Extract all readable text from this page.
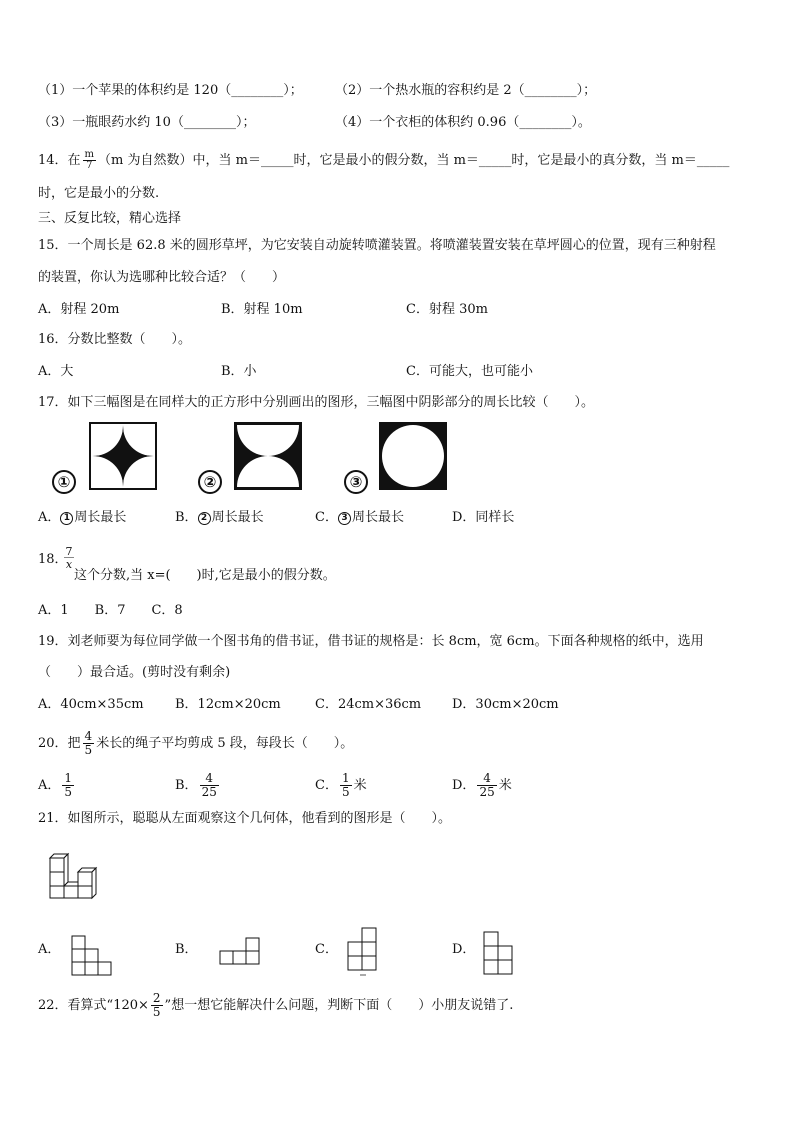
（1）一个苹果的体积约是 120（________）； （2）一个热水瓶的容积约是 2（________）；
（3）一瓶眼药水约 10（________）；	（4）一个衣柜的体积约 0.96（________）。
14．在 $\frac{m}{7} (m$ 为自然数）中，当 m＝_____时，它是最小的假分数，当 m＝_____时，它是最小的真分数，当 m＝_____
时，它是最小的分数.
三、反复比较，精心选择
15．一个周长是 62.8 米的圆形草坪，为它安装自动旋转喷灌装置。将喷灌装置安装在草坪圆心的位置，现有三种射程
的装置，你认为选哪种比较合适？（　　）
A．射程 20m	B．射程 10m	C．射程 30m
16．分数比整数（　　）。
A．大	B．小	C．可能大，也可能小
17．如下三幅图是在同样大的正方形中分别画出的图形，三幅图中阴影部分的周长比较（　　）。
①	②	③
A． 1 周长最长	B． 2 周长最长	C． 3 周长最长	D．同样长
18．
7
x
这个分数,当 x=(　　)时,它是最小的假分数。
A．1　　B．7　　C．8
19．刘老师要为每位同学做一个图书角的借书证，借书证的规格是：长 8cm，宽 6cm。下面各种规格的纸中，选用
（　　）最合适。(剪时没有剩余)
A．40cm×35cm B．12cm×20cm	C．24cm×36cm D．30cm×20cm
20．把 $\frac{4}{5}$ 米长的绳子平均剪成 5 段，每段长（　　）。
A． $\frac{1}{5}$	B． $\frac{4}{25}$	C． $\frac{1}{5}$ 米	D． $\frac{4}{25}$ 米
21．如图所示，聪聪从左面观察这个几何体，他看到的图形是（　　）。
A．	B．	C．	D．
22．看算式“$120\times \frac{2}{5}$ ”想一想它能解决什么问题，判断下面（　　）小朋友说错了.
